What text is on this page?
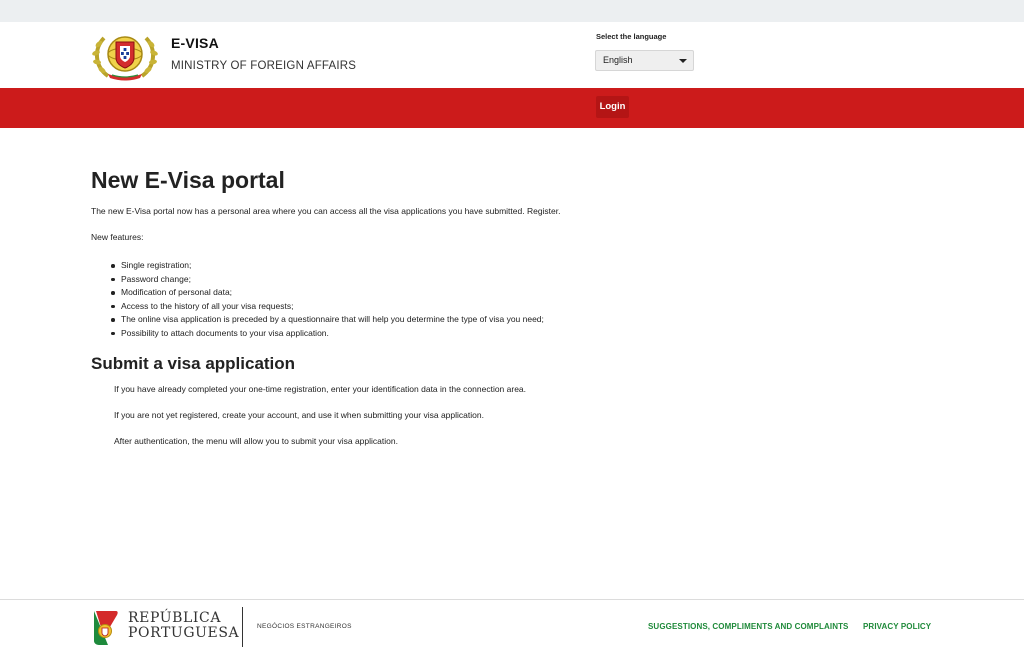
E-VISA
MINISTRY OF FOREIGN AFFAIRS
Select the language
English
Login
New E-Visa portal

The new E-Visa portal now has a personal area where you can access all the visa applications you have submitted. Register.

New features:

Single registration;
Password change;
Modification of personal data;
Access to the history of all your visa requests;
The online visa application is preceded by a questionnaire that will help you determine the type of visa you need;
Possibility to attach documents to your visa application.
Submit a visa application

If you have already completed your one-time registration, enter your identification data in the connection area.

If you are not yet registered, create your account, and use it when submitting your visa application.

After authentication, the menu will allow you to submit your visa application.

REPÚBLICA
PORTUGUESA	NEGÓCIOS ESTRANGEIROS	SUGGESTIONS, COMPLIMENTS AND COMPLAINTS PRIVACY POLICY
